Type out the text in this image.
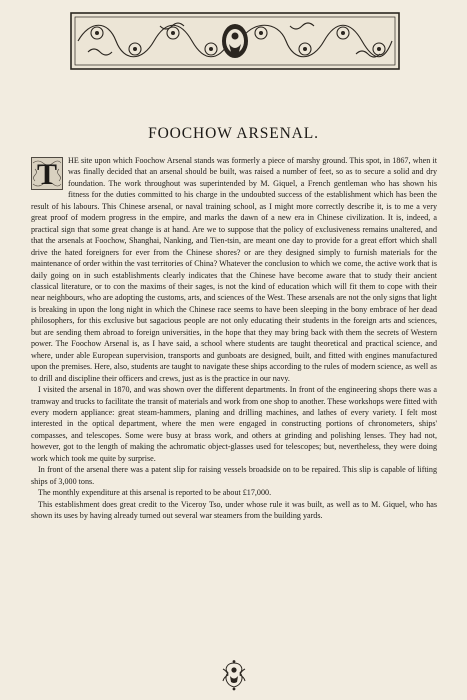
FOOCHOW ARSENAL.

T HE site upon which Foochow Arsenal stands was formerly a piece of marshy ground. This spot, in 1867, when it was finally decided that an arsenal should be built, was raised a number of feet, so as to secure a solid and dry foundation. The work throughout was superintended by M. Giquel, a French gentleman who has shown his fitness for the duties committed to his charge in the undoubted success of the establishment which has been the result of his labours. This Chinese arsenal, or naval training school, as I might more correctly describe it, is to me a very great proof of modern progress in the empire, and marks the dawn of a new era in Chinese civilization. It is, indeed, a practical sign that some great change is at hand. Are we to suppose that the policy of exclusiveness remains unaltered, and that the arsenals at Foochow, Shanghai, Nanking, and Tien-tsin, are meant one day to provide for a great effort which shall drive the hated foreigners for ever from the Chinese shores? or are they designed simply to furnish materials for the maintenance of order within the vast territories of China? Whatever the conclusion to which we come, the active work that is daily going on in such establishments clearly indicates that the Chinese have become aware that to study their ancient classical literature, or to con the maxims of their sages, is not the kind of education which will fit them to cope with their near neighbours, who are adopting the customs, arts, and sciences of the West. These arsenals are not the only signs that light is breaking in upon the long night in which the Chinese race seems to have been sleeping in the bony embrace of her dead philosophers, for this exclusive but sagacious people are not only educating their students in the foreign arts and sciences, but are sending them abroad to foreign universities, in the hope that they may bring back with them the secrets of Western power. The Foochow Arsenal is, as I have said, a school where students are taught theoretical and practical science, and where, under able European supervision, transports and gunboats are designed, built, and fitted with engines manufactured upon the premises. Here, also, students are taught to navigate these ships according to the rules of modern science, as well as to drill and discipline their officers and crews, just as is the practice in our navy.

I visited the arsenal in 1870, and was shown over the different departments. In front of the engineering shops there was a tramway and trucks to facilitate the transit of materials and work from one shop to another. These workshops were fitted with every modern appliance: great steam-hammers, planing and drilling machines, and lathes of every variety. I felt most interested in the optical department, where the men were engaged in constructing portions of chronometers, ships' compasses, and telescopes. Some were busy at brass work, and others at grinding and polishing lenses. They had not, however, got to the length of making the achromatic object-glasses used for telescopes; but, nevertheless, they were doing work which took me quite by surprise.

In front of the arsenal there was a patent slip for raising vessels broadside on to be repaired. This slip is capable of lifting ships of 3,000 tons.

The monthly expenditure at this arsenal is reported to be about £17,000.

This establishment does great credit to the Viceroy Tso, under whose rule it was built, as well as to M. Giquel, who has shown its uses by having already turned out several war steamers from the building yards.
